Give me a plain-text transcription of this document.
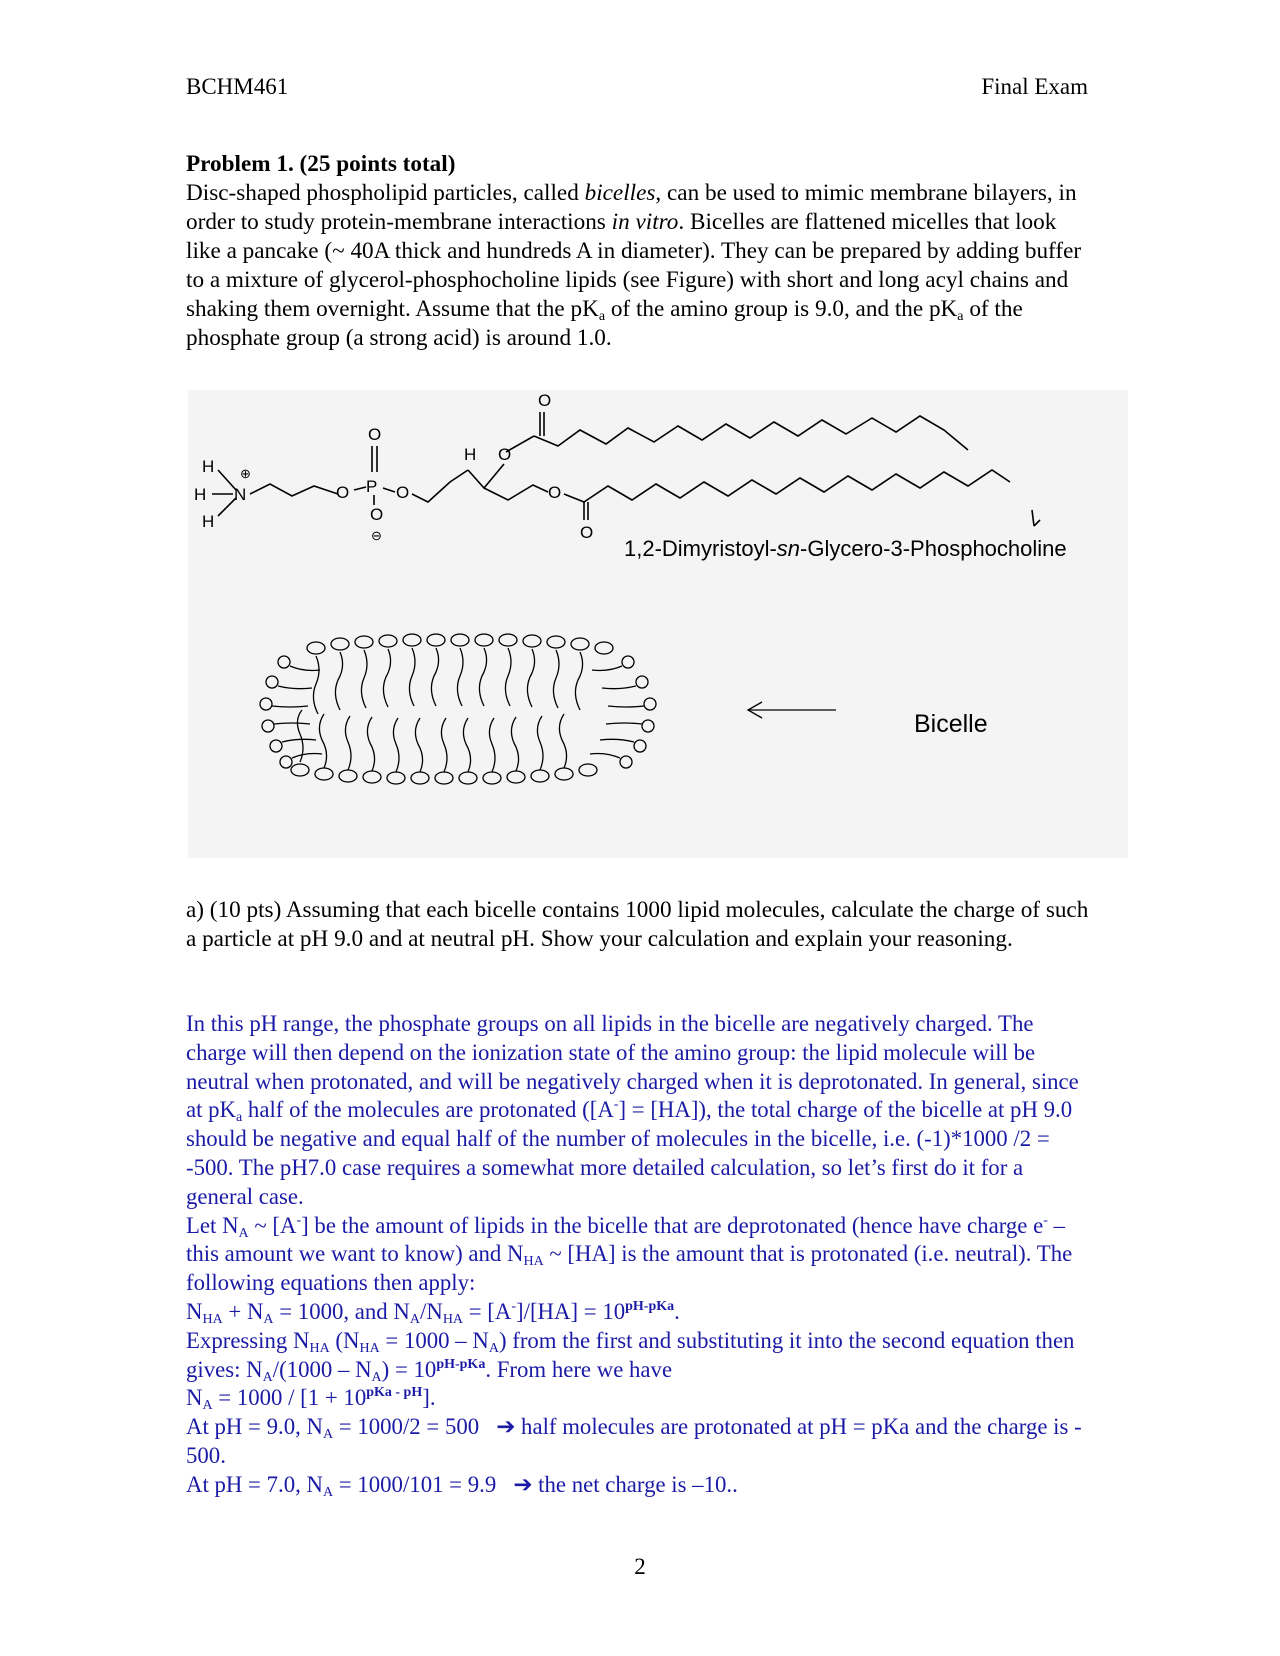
BCHM461	Final Exam
Problem 1. (25 points total)
Disc-shaped phospholipid particles, called bicelles, can be used to mimic membrane bilayers, in order to study protein-membrane interactions in vitro. Bicelles are flattened micelles that look like a pancake (~ 40A thick and hundreds A in diameter). They can be prepared by adding buffer to a mixture of glycerol-phosphocholine lipids (see Figure) with short and long acyl chains and shaking them overnight. Assume that the $pK_a$ of the amino group is 9.0, and the $pK_a$ of the phosphate group (a strong acid) is around 1.0.
H
H
H
⊕
N
O
O P O
O
⊖
H O
O
O
O
1,2-Dimyristoyl-sn-Glycero-3-Phosphocholine
Bicelle
a) (10 pts) Assuming that each bicelle contains 1000 lipid molecules, calculate the charge of such a particle at pH 9.0 and at neutral pH. Show your calculation and explain your reasoning.

In this pH range, the phosphate groups on all lipids in the bicelle are negatively charged. The charge will then depend on the ionization state of the amino group: the lipid molecule will be neutral when protonated, and will be negatively charged when it is deprotonated. In general, since at $pK_a$ half of the molecules are protonated ([A-] = [HA]), the total charge of the bicelle at pH 9.0 should be negative and equal half of the number of molecules in the bicelle, i.e. (-1)*1000 /2 = -500. The pH7.0 case requires a somewhat more detailed calculation, so let’s first do it for a general case.

Let $N_A$ ~ [A-] be the amount of lipids in the bicelle that are deprotonated (hence have charge e- – this amount we want to know) and $N_{HA}$ ~ [HA] is the amount that is protonated (i.e. neutral). The following equations then apply:

$N_{HA} + N_A = 1000$, and $N_A/N_{HA} = [A^-]/[HA] = 10^{pH-pKa}$.

Expressing $N_{HA}$ $(N_{HA} = 1000 - N_A)$ from the first and substituting it into the second equation then gives: $N_A/(1000 - N_A) = 10^{pH-pKa}$. From here we have

$N_A = 1000 / [1 + 10^{pKa - pH}]$.

At pH = 9.0, $N_A = 1000/2 = 500$   ➔ half molecules are protonated at pH = pKa and the charge is - 500.

At pH = 7.0, $N_A = 1000/101 = 9.9$   ➔ the net charge is –10..

2
